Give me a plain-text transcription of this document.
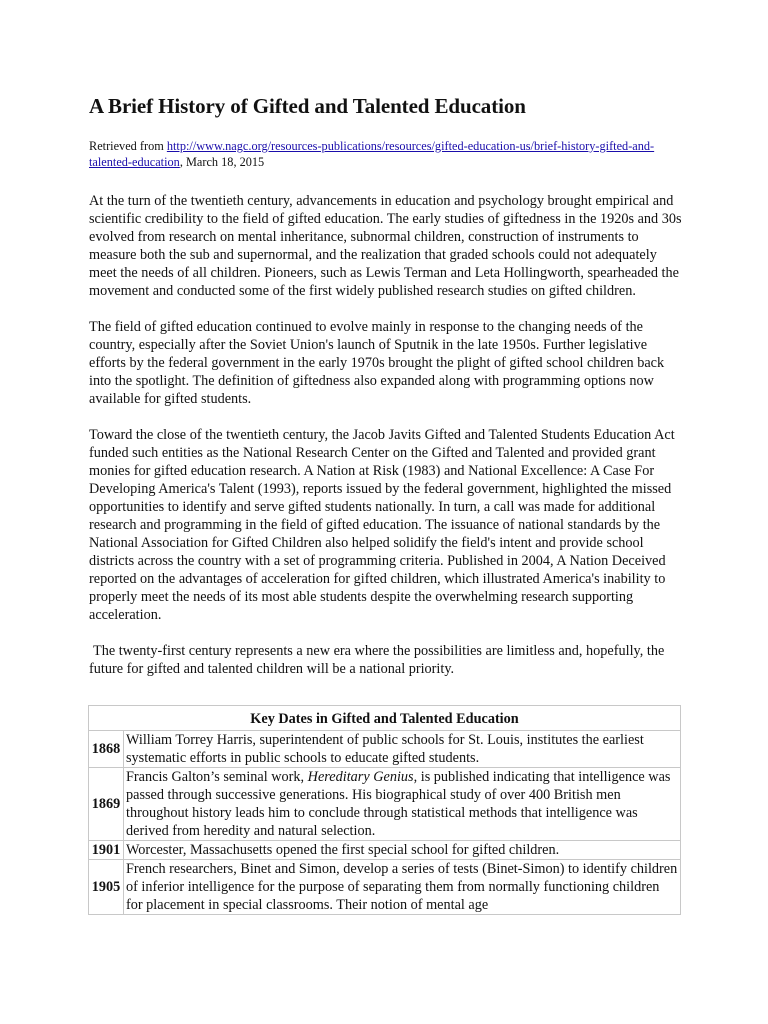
A Brief History of Gifted and Talented Education
Retrieved from http://www.nagc.org/resources-publications/resources/gifted-education-us/brief-history-gifted-and-talented-education, March 18, 2015

At the turn of the twentieth century, advancements in education and psychology brought empirical and scientific credibility to the field of gifted education. The early studies of giftedness in the 1920s and 30s evolved from research on mental inheritance, subnormal children, construction of instruments to measure both the sub and supernormal, and the realization that graded schools could not adequately meet the needs of all children. Pioneers, such as Lewis Terman and Leta Hollingworth, spearheaded the movement and conducted some of the first widely published research studies on gifted children.

The field of gifted education continued to evolve mainly in response to the changing needs of the country, especially after the Soviet Union's launch of Sputnik in the late 1950s. Further legislative efforts by the federal government in the early 1970s brought the plight of gifted school children back into the spotlight. The definition of giftedness also expanded along with programming options now available for gifted students.

Toward the close of the twentieth century, the Jacob Javits Gifted and Talented Students Education Act funded such entities as the National Research Center on the Gifted and Talented and provided grant monies for gifted education research. A Nation at Risk (1983) and National Excellence: A Case For Developing America's Talent (1993), reports issued by the federal government, highlighted the missed opportunities to identify and serve gifted students nationally. In turn, a call was made for additional research and programming in the field of gifted education. The issuance of national standards by the National Association for Gifted Children also helped solidify the field's intent and provide school districts across the country with a set of programming criteria. Published in 2004, A Nation Deceived reported on the advantages of acceleration for gifted children, which illustrated America's inability to properly meet the needs of its most able students despite the overwhelming research supporting acceleration.

The twenty-first century represents a new era where the possibilities are limitless and, hopefully, the future for gifted and talented children will be a national priority.

Key Dates in Gifted and Talented Education	
1868	William Torrey Harris, superintendent of public schools for St. Louis, institutes the earliest systematic efforts in public schools to educate gifted students.
1869	Francis Galton’s seminal work, Hereditary Genius, is published indicating that intelligence was passed through successive generations. His biographical study of over 400 British men throughout history leads him to conclude through statistical methods that intelligence was derived from heredity and natural selection.
1901	Worcester, Massachusetts opened the first special school for gifted children.
1905	French researchers, Binet and Simon, develop a series of tests (Binet-Simon) to identify children of inferior intelligence for the purpose of separating them from normally functioning children for placement in special classrooms. Their notion of mental age
